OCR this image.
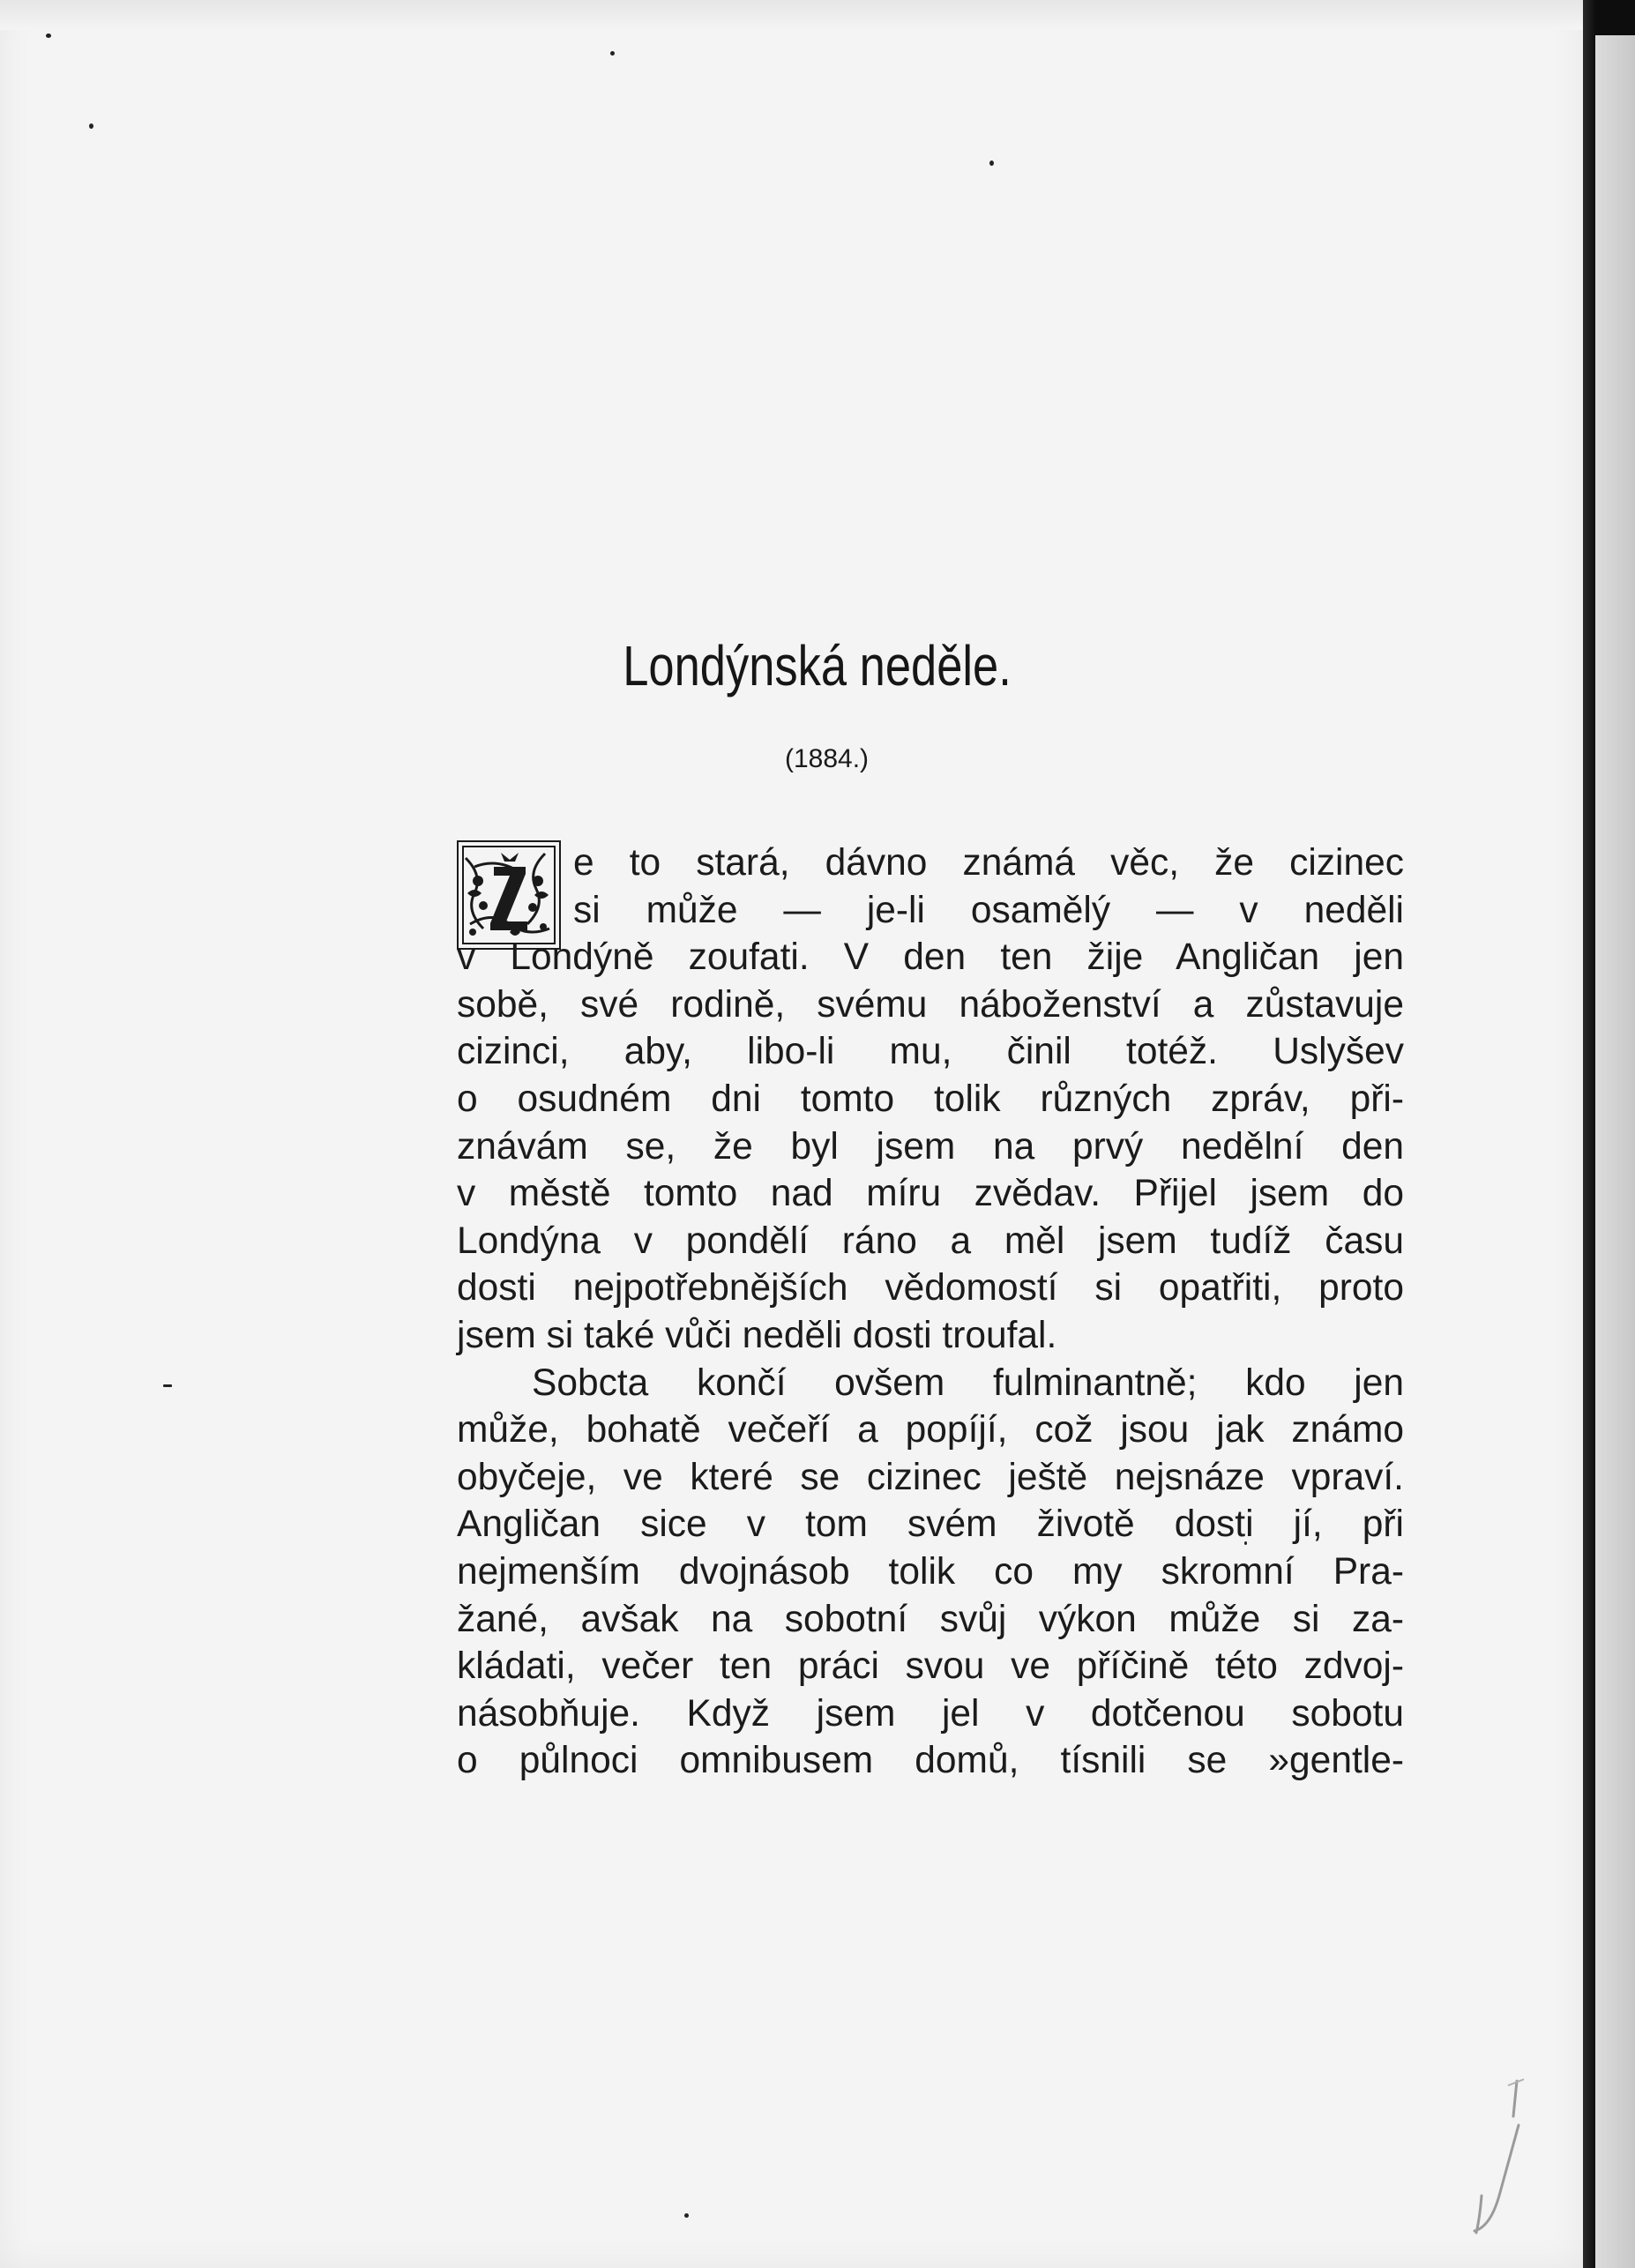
Londýnská neděle.
(1884.)
e to stará, dávno známá věc, že cizinec
si může — je-li osamělý — v neděli
v Londýně zoufati. V den ten žije Angličan jen
sobě, své rodině, svému náboženství a zůstavuje
cizinci, aby, libo-li mu, činil totéž. Uslyšev
o osudném dni tomto tolik různých zpráv, při-
znávám se, že byl jsem na prvý nedělní den
v městě tomto nad míru zvědav. Přijel jsem do
Londýna v pondělí ráno a měl jsem tudíž času
dosti nejpotřebnějších vědomostí si opatřiti, proto
jsem si také vůči neděli dosti troufal.
Sobcta končí ovšem fulminantně; kdo jen
může, bohatě večeří a popíjí, což jsou jak známo
obyčeje, ve které se cizinec ještě nejsnáze vpraví.
Angličan sice v tom svém životě dosti jí, při
nejmenším dvojnásob tolik co my skromní Pra-
žané, avšak na sobotní svůj výkon může si za-
kládati, večer ten práci svou ve příčině této zdvoj-
násobňuje. Když jsem jel v dotčenou sobotu
o půlnoci omnibusem domů, tísnili se »gentle-
